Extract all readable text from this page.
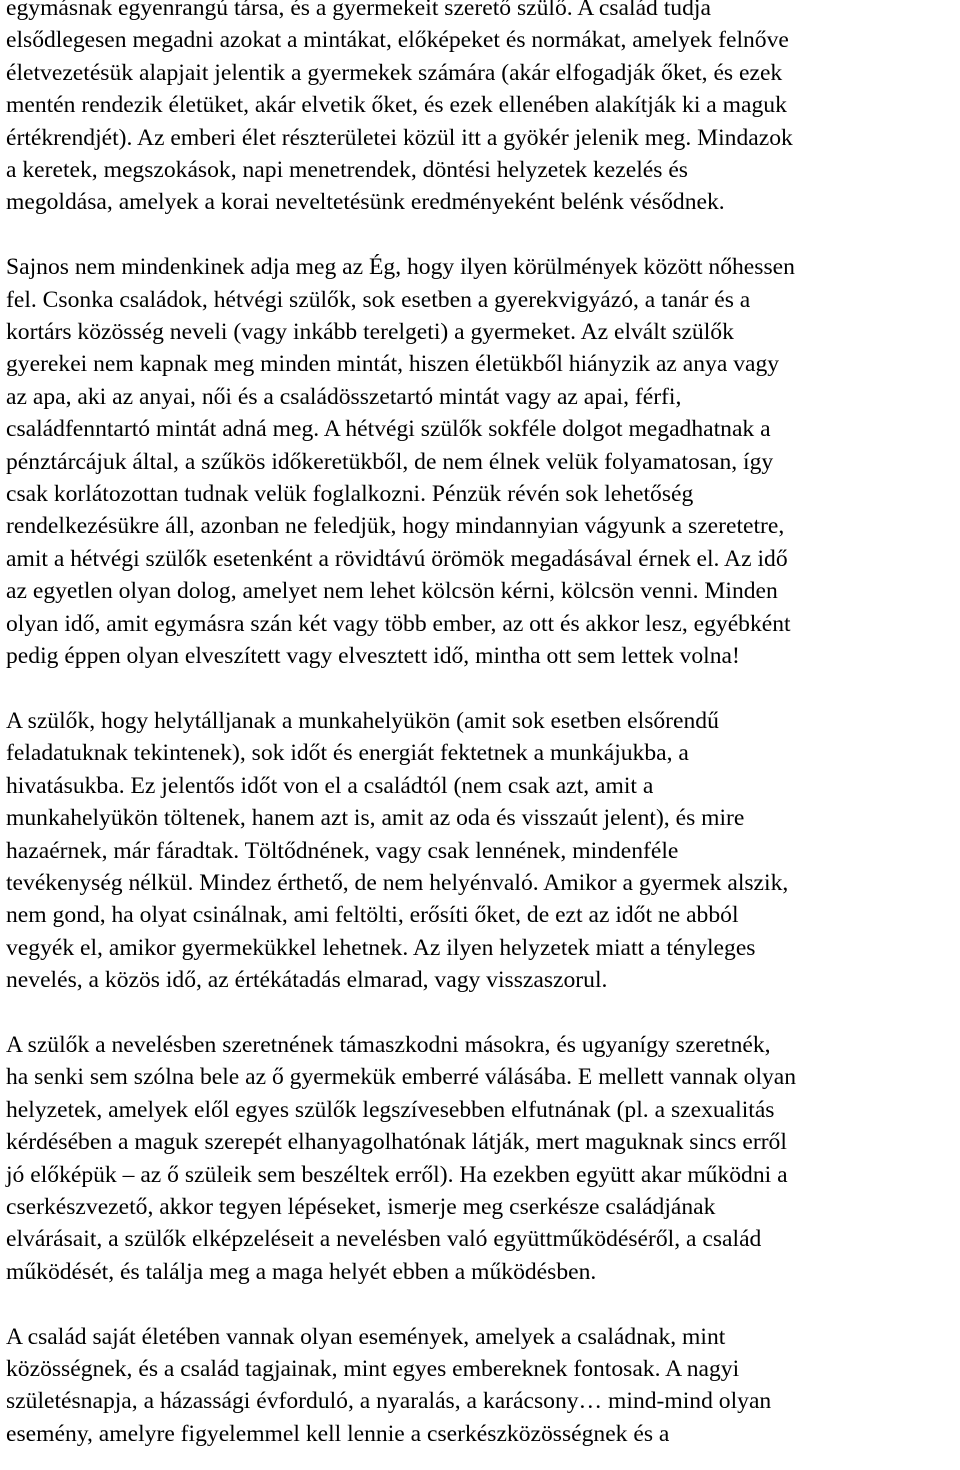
egymásnak egyenrangú társa, és a gyermekeit szerető szülő. A család tudja
elsődlegesen megadni azokat a mintákat, előképeket és normákat, amelyek felnőve
életvezetésük alapjait jelentik a gyermekek számára (akár elfogadják őket, és ezek
mentén rendezik életüket, akár elvetik őket, és ezek ellenében alakítják ki a maguk
értékrendjét). Az emberi élet részterületei közül itt a gyökér jelenik meg. Mindazok
a keretek, megszokások, napi menetrendek, döntési helyzetek kezelés és
megoldása, amelyek a korai neveltetésünk eredményeként belénk vésődnek.
Sajnos nem mindenkinek adja meg az Ég, hogy ilyen körülmények között nőhessen
fel. Csonka családok, hétvégi szülők, sok esetben a gyerekvigyázó, a tanár és a
kortárs közösség neveli (vagy inkább terelgeti) a gyermeket. Az elvált szülők
gyerekei nem kapnak meg minden mintát, hiszen életükből hiányzik az anya vagy
az apa, aki az anyai, női és a családösszetartó mintát vagy az apai, férfi,
családfenntartó mintát adná meg. A hétvégi szülők sokféle dolgot megadhatnak a
pénztárcájuk által, a szűkös időkeretükből, de nem élnek velük folyamatosan, így
csak korlátozottan tudnak velük foglalkozni. Pénzük révén sok lehetőség
rendelkezésükre áll, azonban ne feledjük, hogy mindannyian vágyunk a szeretetre,
amit a hétvégi szülők esetenként a rövidtávú örömök megadásával érnek el. Az idő
az egyetlen olyan dolog, amelyet nem lehet kölcsön kérni, kölcsön venni. Minden
olyan idő, amit egymásra szán két vagy több ember, az ott és akkor lesz, egyébként
pedig éppen olyan elveszített vagy elvesztett idő, mintha ott sem lettek volna!
A szülők, hogy helytálljanak a munkahelyükön (amit sok esetben elsőrendű
feladatuknak tekintenek), sok időt és energiát fektetnek a munkájukba, a
hivatásukba. Ez jelentős időt von el a családtól (nem csak azt, amit a
munkahelyükön töltenek, hanem azt is, amit az oda és visszaút jelent), és mire
hazaérnek, már fáradtak. Töltődnének, vagy csak lennének, mindenféle
tevékenység nélkül. Mindez érthető, de nem helyénvaló. Amikor a gyermek alszik,
nem gond, ha olyat csinálnak, ami feltölti, erősíti őket, de ezt az időt ne abból
vegyék el, amikor gyermekükkel lehetnek. Az ilyen helyzetek miatt a tényleges
nevelés, a közös idő, az értékátadás elmarad, vagy visszaszorul.
A szülők a nevelésben szeretnének támaszkodni másokra, és ugyanígy szeretnék,
ha senki sem szólna bele az ő gyermekük emberré válásába. E mellett vannak olyan
helyzetek, amelyek elől egyes szülők legszívesebben elfutnának (pl. a szexualitás
kérdésében a maguk szerepét elhanyagolhatónak látják, mert maguknak sincs erről
jó előképük – az ő szüleik sem beszéltek erről). Ha ezekben együtt akar működni a
cserkészvezető, akkor tegyen lépéseket, ismerje meg cserkésze családjának
elvárásait, a szülők elképzeléseit a nevelésben való együttműködéséről, a család
működését, és találja meg a maga helyét ebben a működésben.
A család saját életében vannak olyan események, amelyek a családnak, mint
közösségnek, és a család tagjainak, mint egyes embereknek fontosak. A nagyi
születésnapja, a házassági évforduló, a nyaralás, a karácsony… mind-mind olyan
esemény, amelyre figyelemmel kell lennie a cserkészközösségnek és a
